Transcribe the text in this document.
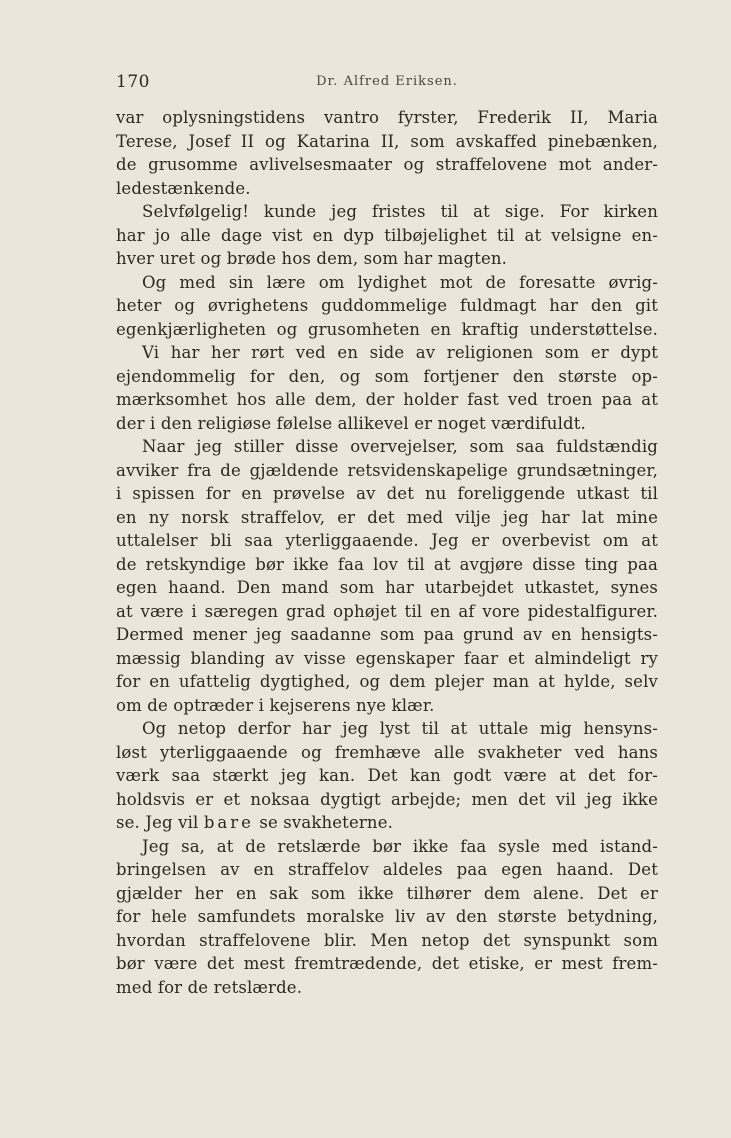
170	Dr. Alfred Eriksen.
var oplysningstidens vantro fyrster, Frederik II, Maria
Terese, Josef II og Katarina II, som avskaffed pinebænken,
de grusomme avlivelsesmaater og straffelovene mot ander-
ledestænkende.
Selvfølgelig! kunde jeg fristes til at sige. For kirken
har jo alle dage vist en dyp tilbøjelighet til at velsigne en-
hver uret og brøde hos dem, som har magten.
Og med sin lære om lydighet mot de foresatte øvrig-
heter og øvrighetens guddommelige fuldmagt har den git
egenkjærligheten og grusomheten en kraftig understøttelse.
Vi har her rørt ved en side av religionen som er dypt
ejendommelig for den, og som fortjener den største op-
mærksomhet hos alle dem, der holder fast ved troen paa at
der i den religiøse følelse allikevel er noget værdifuldt.
Naar jeg stiller disse overvejelser, som saa fuldstændig
avviker fra de gjældende retsvidenskapelige grundsætninger,
i spissen for en prøvelse av det nu foreliggende utkast til
en ny norsk straffelov, er det med vilje jeg har lat mine
uttalelser bli saa yterliggaaende. Jeg er overbevist om at
de retskyndige bør ikke faa lov til at avgjøre disse ting paa
egen haand. Den mand som har utarbejdet utkastet, synes
at være i særegen grad ophøjet til en af vore pidestalfigurer.
Dermed mener jeg saadanne som paa grund av en hensigts-
mæssig blanding av visse egenskaper faar et almindeligt ry
for en ufattelig dygtighed, og dem plejer man at hylde, selv
om de optræder i kejserens nye klær.
Og netop derfor har jeg lyst til at uttale mig hensyns-
løst yterliggaaende og fremhæve alle svakheter ved hans
værk saa stærkt jeg kan. Det kan godt være at det for-
holdsvis er et noksaa dygtigt arbejde; men det vil jeg ikke
se. Jeg vil bare se svakheterne.
Jeg sa, at de retslærde bør ikke faa sysle med istand-
bringelsen av en straffelov aldeles paa egen haand. Det
gjælder her en sak som ikke tilhører dem alene. Det er
for hele samfundets moralske liv av den største betydning,
hvordan straffelovene blir. Men netop det synspunkt som
bør være det mest fremtrædende, det etiske, er mest frem-
med for de retslærde.
